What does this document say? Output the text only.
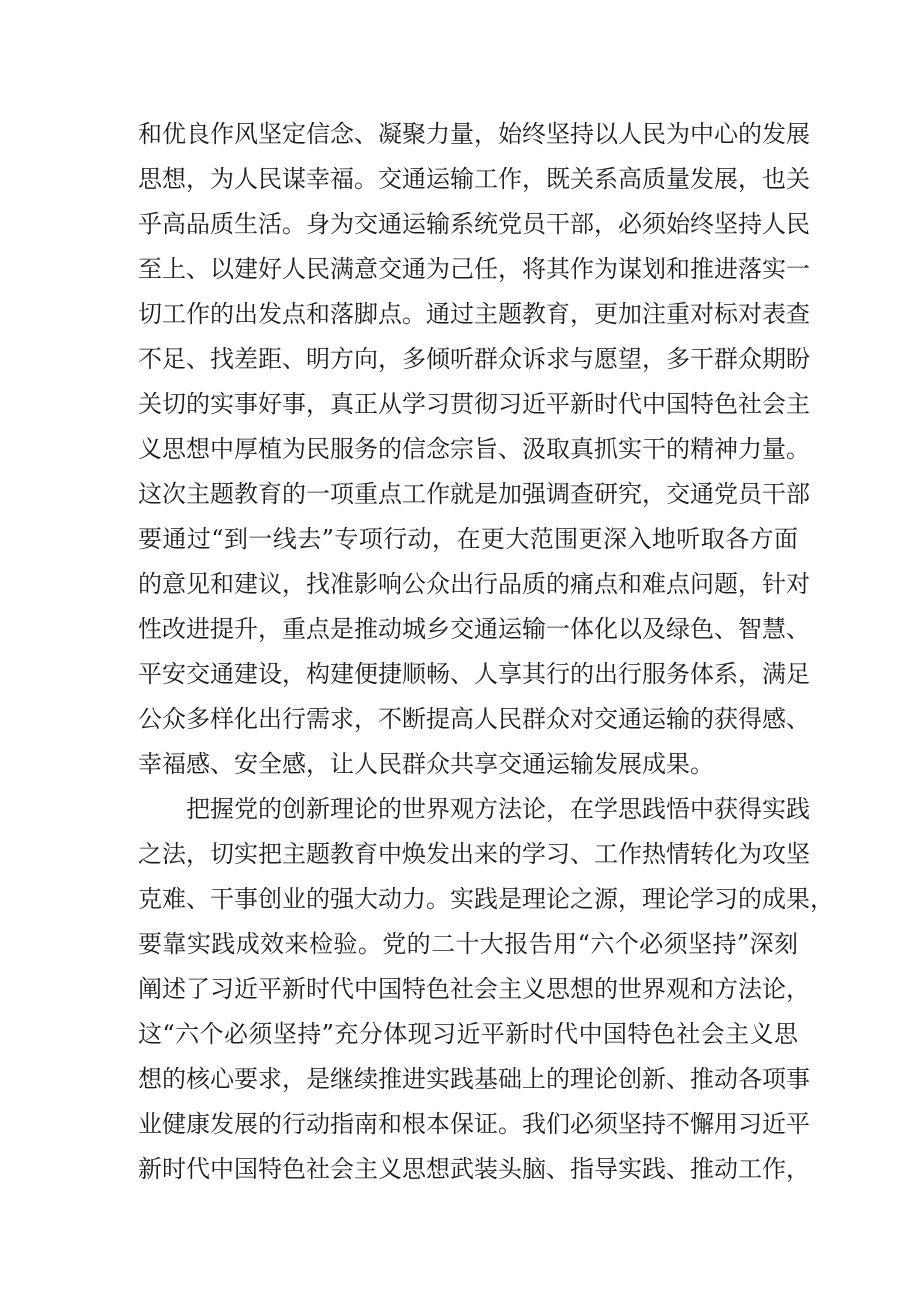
和优良作风坚定信念、凝聚力量，始终坚持以人民为中心的发展
思想，为人民谋幸福。交通运输工作，既关系高质量发展，也关
乎高品质生活。身为交通运输系统党员干部，必须始终坚持人民
至上、以建好人民满意交通为己任，将其作为谋划和推进落实一
切工作的出发点和落脚点。通过主题教育，更加注重对标对表查
不足、找差距、明方向，多倾听群众诉求与愿望，多干群众期盼
关切的实事好事，真正从学习贯彻习近平新时代中国特色社会主
义思想中厚植为民服务的信念宗旨、汲取真抓实干的精神力量。
这次主题教育的一项重点工作就是加强调查研究，交通党员干部
要通过“到一线去”专项行动，在更大范围更深入地听取各方面
的意见和建议，找准影响公众出行品质的痛点和难点问题，针对
性改进提升，重点是推动城乡交通运输一体化以及绿色、智慧、
平安交通建设，构建便捷顺畅、人享其行的出行服务体系，满足
公众多样化出行需求，不断提高人民群众对交通运输的获得感、
幸福感、安全感，让人民群众共享交通运输发展成果。
把握党的创新理论的世界观方法论，在学思践悟中获得实践
之法，切实把主题教育中焕发出来的学习、工作热情转化为攻坚
克难、干事创业的强大动力。实践是理论之源，理论学习的成果，
要靠实践成效来检验。党的二十大报告用“六个必须坚持”深刻
阐述了习近平新时代中国特色社会主义思想的世界观和方法论，
这“六个必须坚持”充分体现习近平新时代中国特色社会主义思
想的核心要求，是继续推进实践基础上的理论创新、推动各项事
业健康发展的行动指南和根本保证。我们必须坚持不懈用习近平
新时代中国特色社会主义思想武装头脑、指导实践、推动工作，
